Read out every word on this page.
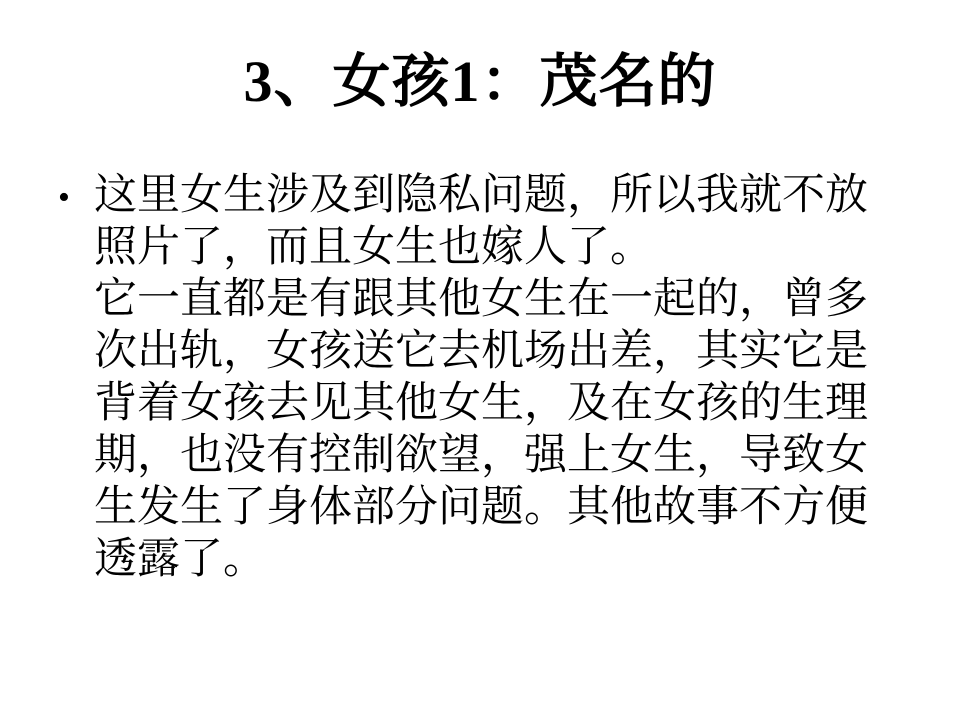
3、女孩1：茂名的
• 这里女生涉及到隐私问题，所以我就不放
照片了，而且女生也嫁人了。
它一直都是有跟其他女生在一起的，曾多
次出轨，女孩送它去机场出差，其实它是
背着女孩去见其他女生，及在女孩的生理
期，也没有控制欲望，强上女生，导致女
生发生了身体部分问题。其他故事不方便
透露了。
